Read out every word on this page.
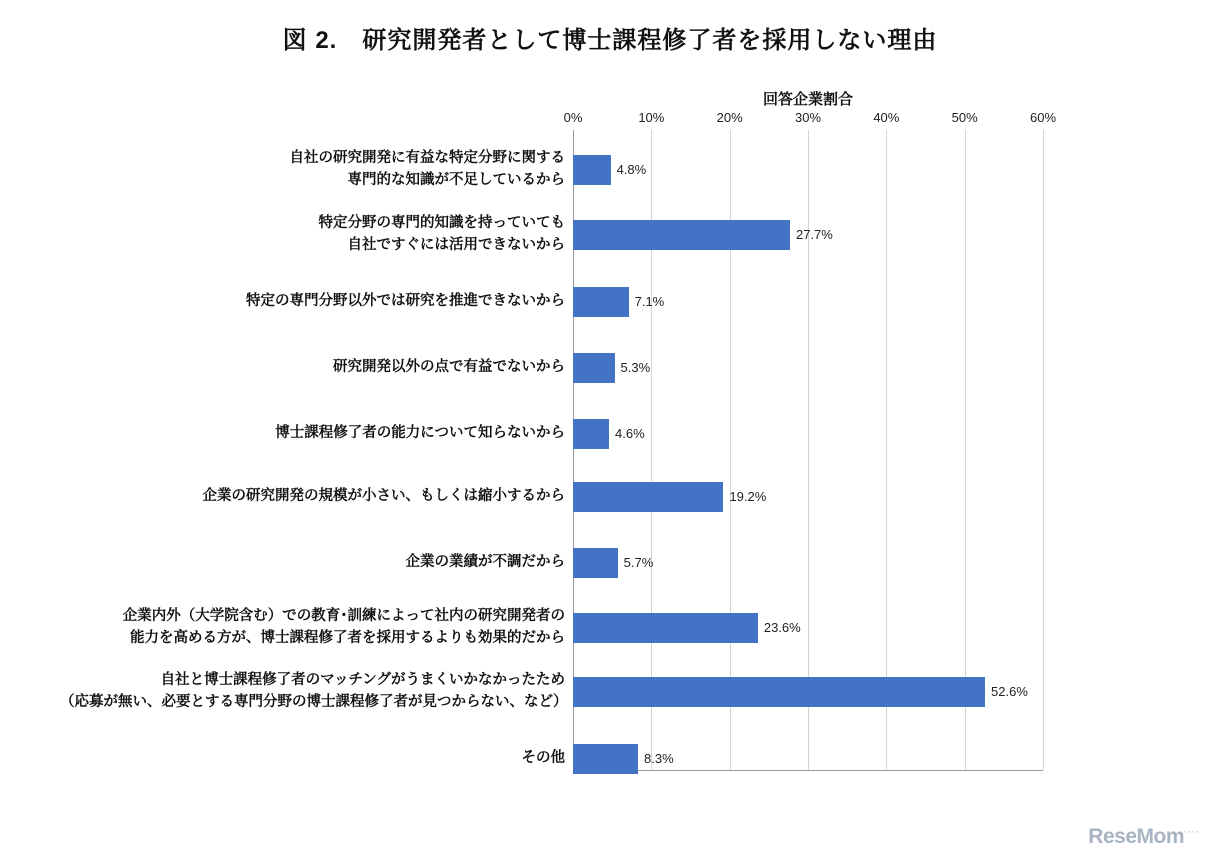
図 2.　研究開発者として博士課程修了者を採用しない理由
回答企業割合
0%	10%	20%	30%	40%	50%	60%
ReseMom····
自社の研究開発に有益な特定分野に関する
専門的な知識が不足しているから
4.8%
特定分野の専門的知識を持っていても
自社ですぐには活用できないから
27.7%
特定の専門分野以外では研究を推進できないから	7.1%
研究開発以外の点で有益でないから	5.3%
博士課程修了者の能力について知らないから	4.6%
企業の研究開発の規模が小さい、もしくは縮小するから	19.2%
企業の業績が不調だから	5.7%
企業内外（大学院含む）での教育･訓練によって社内の研究開発者の
能力を高める方が、博士課程修了者を採用するよりも効果的だから
23.6%
自社と博士課程修了者のマッチングがうまくいかなかったため
（応募が無い、必要とする専門分野の博士課程修了者が見つからない、など）
52.6%
その他	8.3%
